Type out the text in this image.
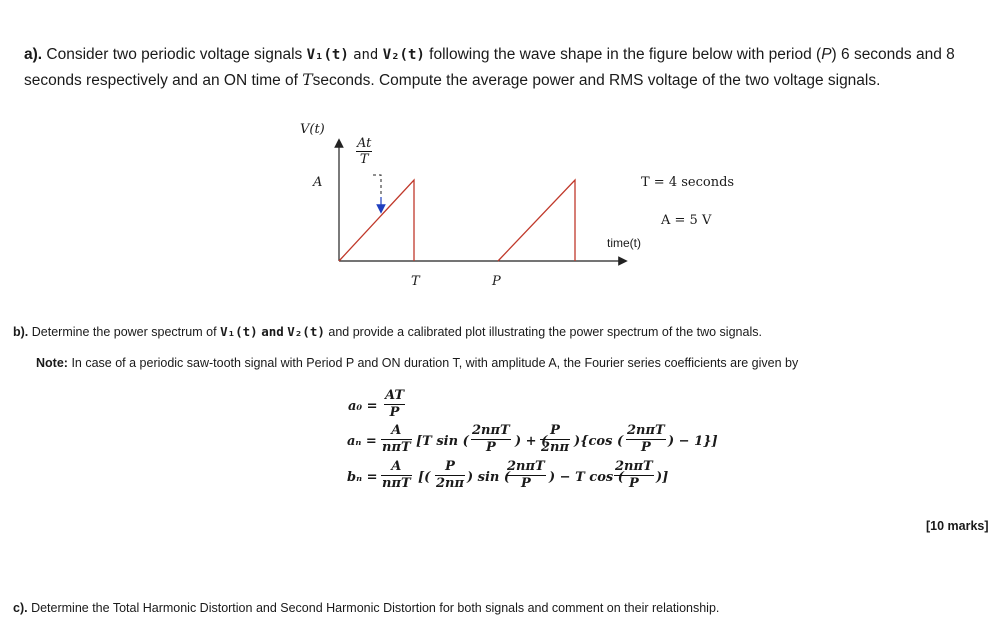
a). Consider two periodic voltage signals V₁(t) and V₂(t) following the wave shape in the figure below with period (P) 6 seconds and 8
seconds respectively and an ON time of Tseconds. Compute the average power and RMS voltage of the two voltage signals.
V(t)
$\frac{At}{T}$
A
T	P
time(t)
T = 4 seconds
A = 5 V
b). Determine the power spectrum of V₁(t) and V₂(t) and provide a calibrated plot illustrating the power spectrum of the two signals.
Note: In case of a periodic saw-tooth signal with Period P and ON duration T, with amplitude A, the Fourier series coefficients are given by
$a_0 = \frac{AT}{P}$
aₙ =
A
nπT [T sin (
2nπT
P	) + (
$\frac{P}{2n\pi} )\{\cos$ (
2nπT
P	) − 1}]
bₙ =
A
nπT [( $\frac{P}{2n\pi}$ ) sin (
2nπT
P	) − T cos (
2nπT
P	)]
[10 marks]
c). Determine the Total Harmonic Distortion and Second Harmonic Distortion for both signals and comment on their relationship.
